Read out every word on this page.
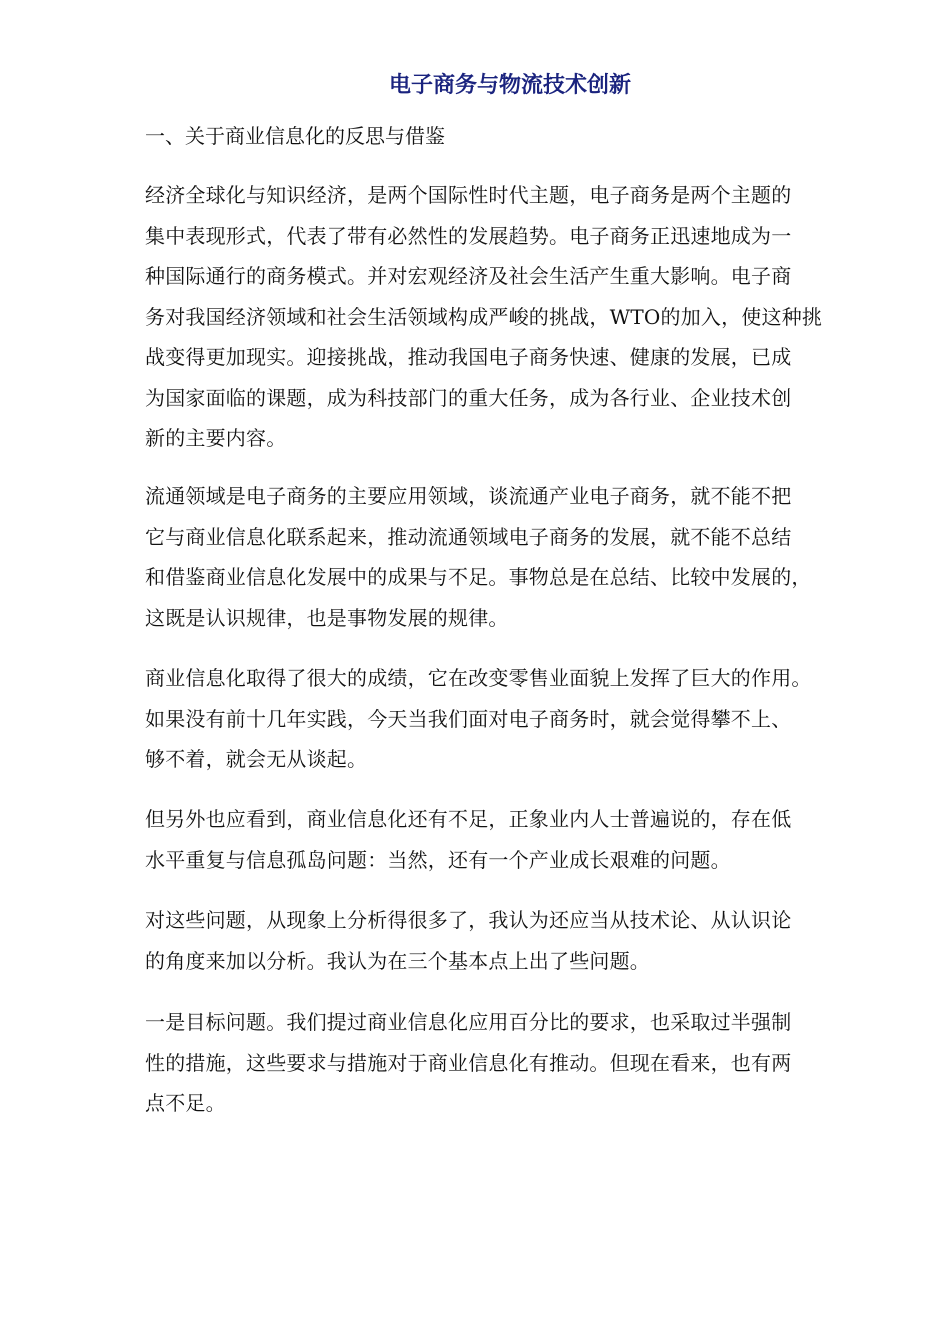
电子商务与物流技术创新
一、关于商业信息化的反思与借鉴
经济全球化与知识经济，是两个国际性时代主题，电子商务是两个主题的
集中表现形式，代表了带有必然性的发展趋势。电子商务正迅速地成为一
种国际通行的商务模式。并对宏观经济及社会生活产生重大影响。电子商
务对我国经济领域和社会生活领域构成严峻的挑战，WTO的加入，使这种挑
战变得更加现实。迎接挑战，推动我国电子商务快速、健康的发展，已成
为国家面临的课题，成为科技部门的重大任务，成为各行业、企业技术创
新的主要内容。
流通领域是电子商务的主要应用领域，谈流通产业电子商务，就不能不把
它与商业信息化联系起来，推动流通领域电子商务的发展，就不能不总结
和借鉴商业信息化发展中的成果与不足。事物总是在总结、比较中发展的，
这既是认识规律，也是事物发展的规律。
商业信息化取得了很大的成绩，它在改变零售业面貌上发挥了巨大的作用。
如果没有前十几年实践，今天当我们面对电子商务时，就会觉得攀不上、
够不着，就会无从谈起。
但另外也应看到，商业信息化还有不足，正象业内人士普遍说的，存在低
水平重复与信息孤岛问题：当然，还有一个产业成长艰难的问题。
对这些问题，从现象上分析得很多了，我认为还应当从技术论、从认识论
的角度来加以分析。我认为在三个基本点上出了些问题。
一是目标问题。我们提过商业信息化应用百分比的要求，也采取过半强制
性的措施，这些要求与措施对于商业信息化有推动。但现在看来，也有两
点不足。
